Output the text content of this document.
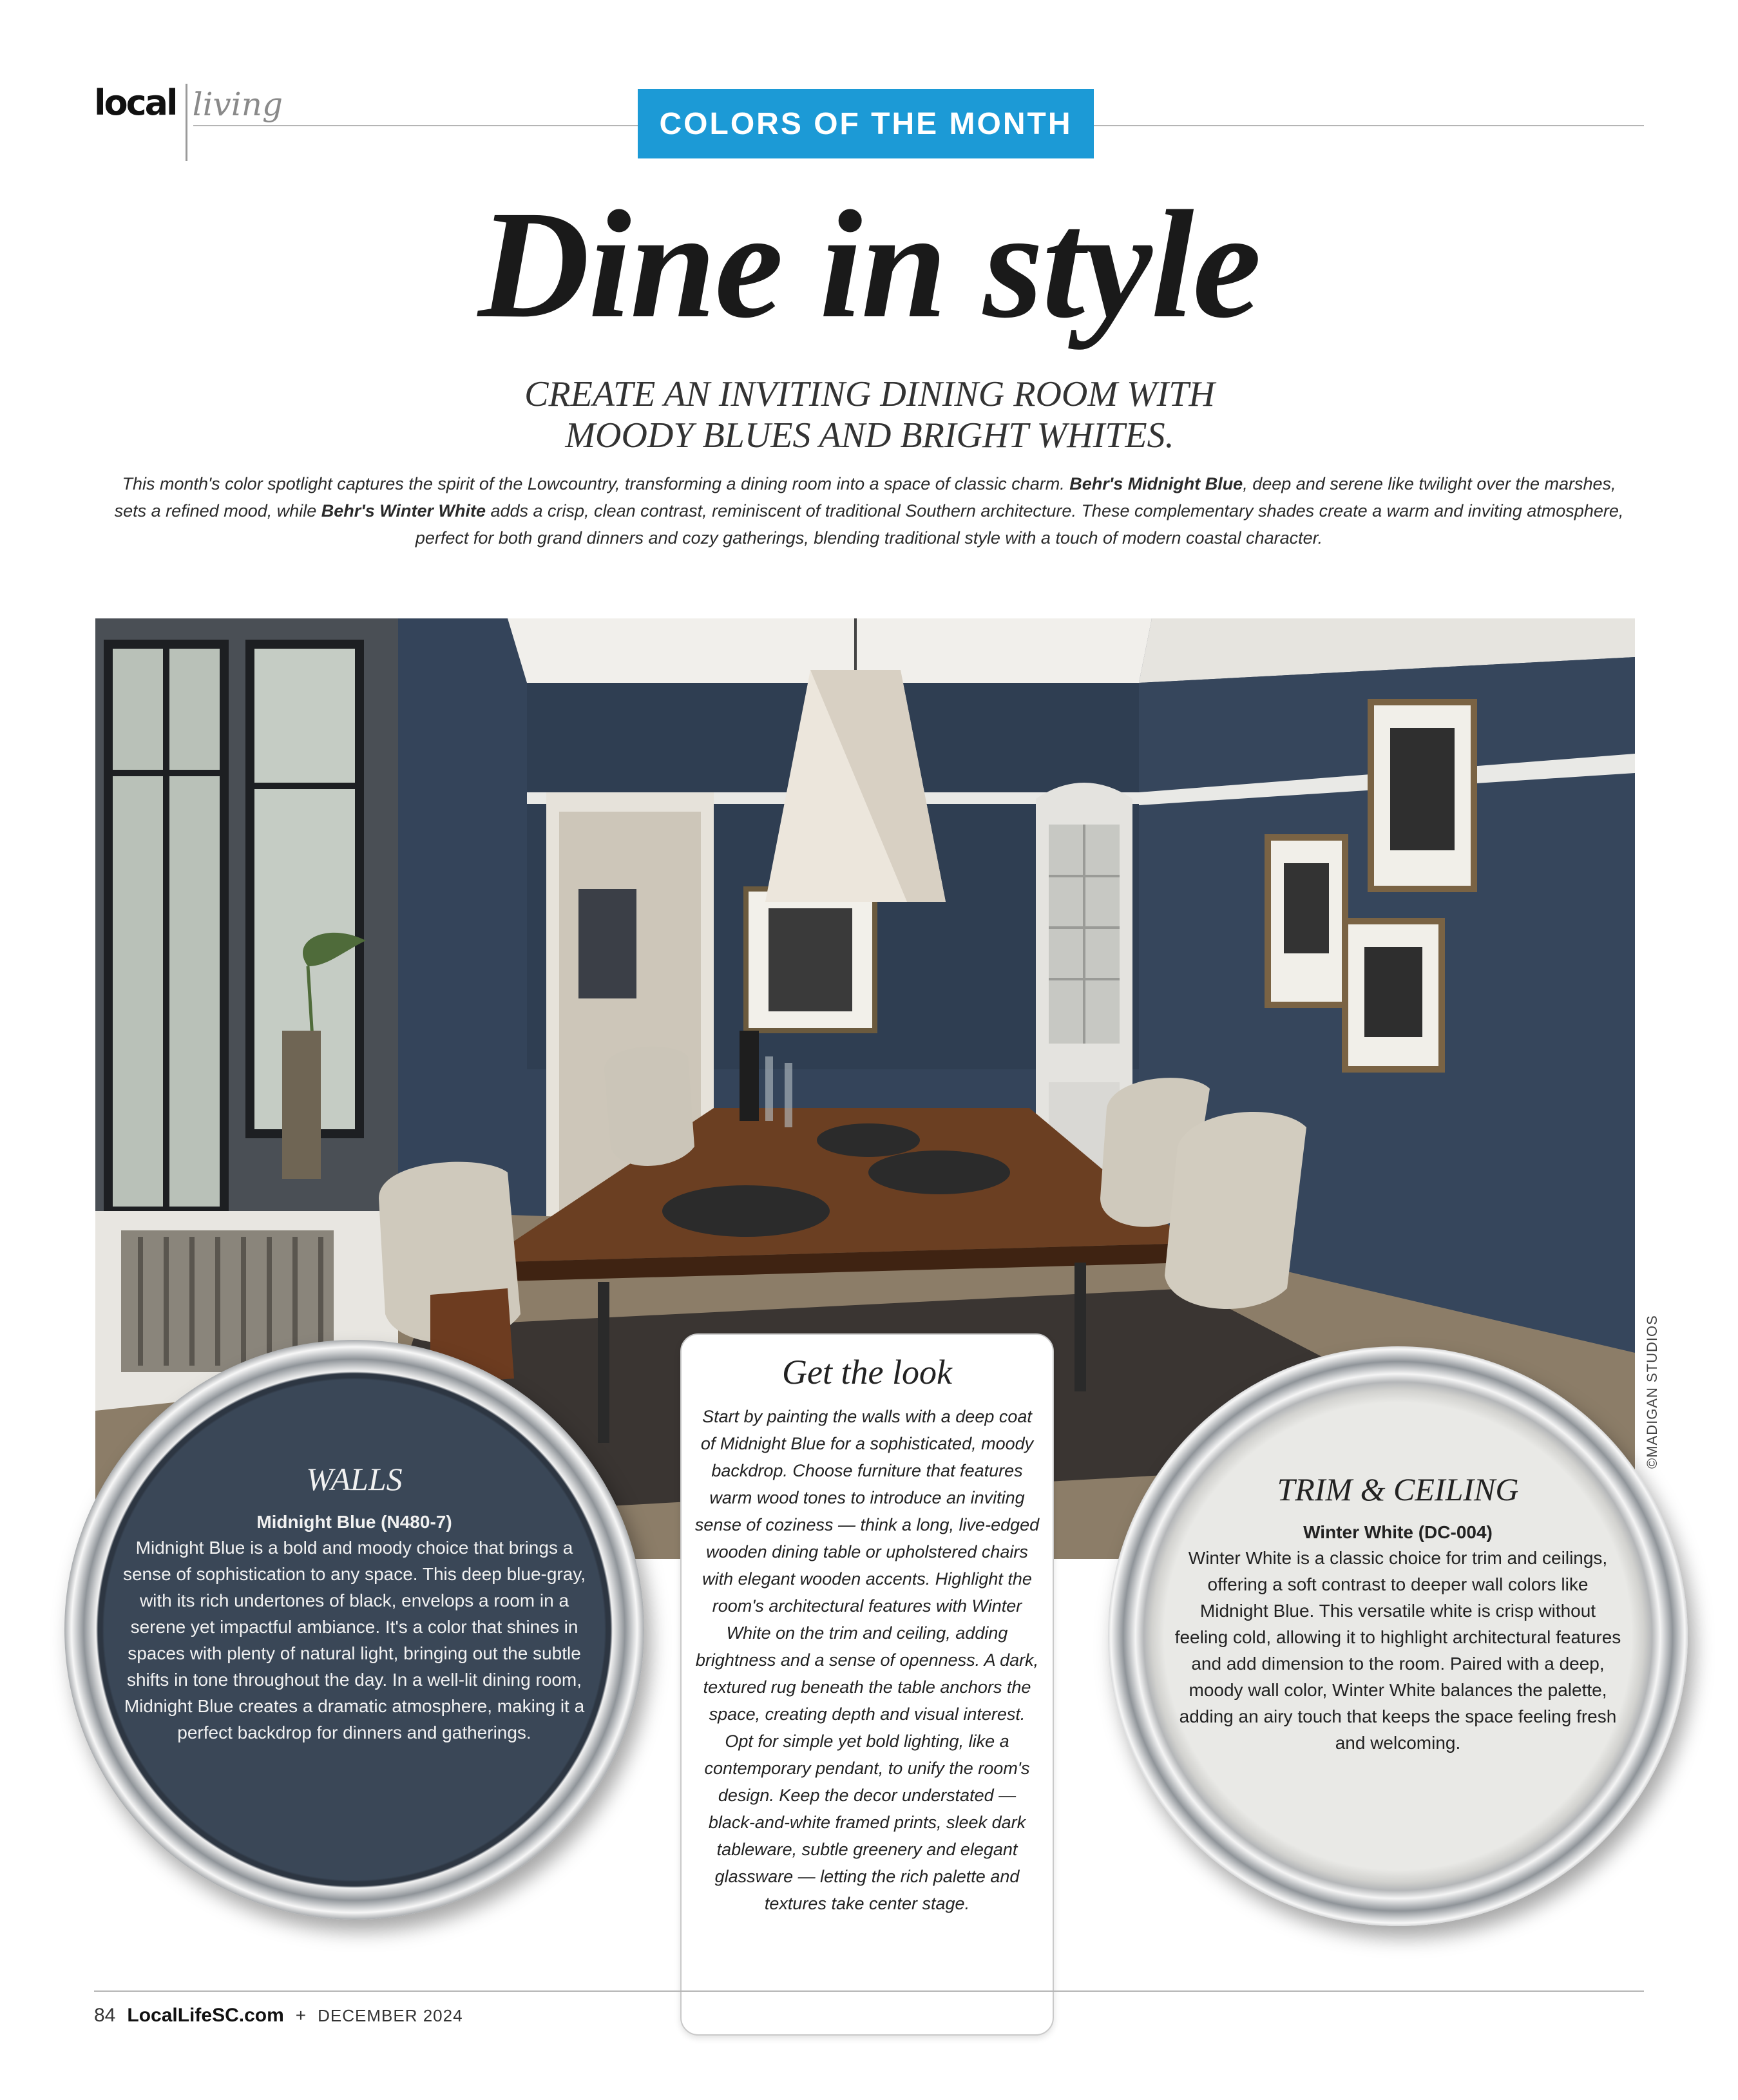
local living
COLORS OF THE MONTH
Dine in style
CREATE AN INVITING DINING ROOM WITH
MOODY BLUES AND BRIGHT WHITES.

This month's color spotlight captures the spirit of the Lowcountry, transforming a dining room into a space of classic charm. Behr's Midnight Blue, deep and serene like twilight over the marshes, sets a refined mood, while Behr's Winter White adds a crisp, clean contrast, reminiscent of traditional Southern architecture. These complementary shades create a warm and inviting atmosphere, perfect for both grand dinners and cozy gatherings, blending traditional style with a touch of modern coastal character.

©MADIGAN STUDIOS
WALLS
Midnight Blue (N480-7)
Midnight Blue is a bold and moody choice that brings a sense of sophistication to any space. This deep blue-gray, with its rich undertones of black, envelops a room in a serene yet impactful ambiance. It's a color that shines in spaces with plenty of natural light, bringing out the subtle shifts in tone throughout the day. In a well-lit dining room, Midnight Blue creates a dramatic atmosphere, making it a perfect backdrop for dinners and gatherings.
TRIM & CEILING
Winter White (DC-004)
Winter White is a classic choice for trim and ceilings, offering a soft contrast to deeper wall colors like Midnight Blue. This versatile white is crisp without feeling cold, allowing it to highlight architectural features and add dimension to the room. Paired with a deep, moody wall color, Winter White balances the palette, adding an airy touch that keeps the space feeling fresh and welcoming.
Get the look
Start by painting the walls with a deep coat of Midnight Blue for a sophisticated, moody backdrop. Choose furniture that features warm wood tones to introduce an inviting sense of coziness — think a long, live-edged wooden dining table or upholstered chairs with elegant wooden accents. Highlight the room's architectural features with Winter White on the trim and ceiling, adding brightness and a sense of openness. A dark, textured rug beneath the table anchors the space, creating depth and visual interest. Opt for simple yet bold lighting, like a contemporary pendant, to unify the room's design. Keep the decor understated — black-and-white framed prints, sleek dark tableware, subtle greenery and elegant glassware — letting the rich palette and textures take center stage.
84 LocalLifeSC.com + DECEMBER 2024
